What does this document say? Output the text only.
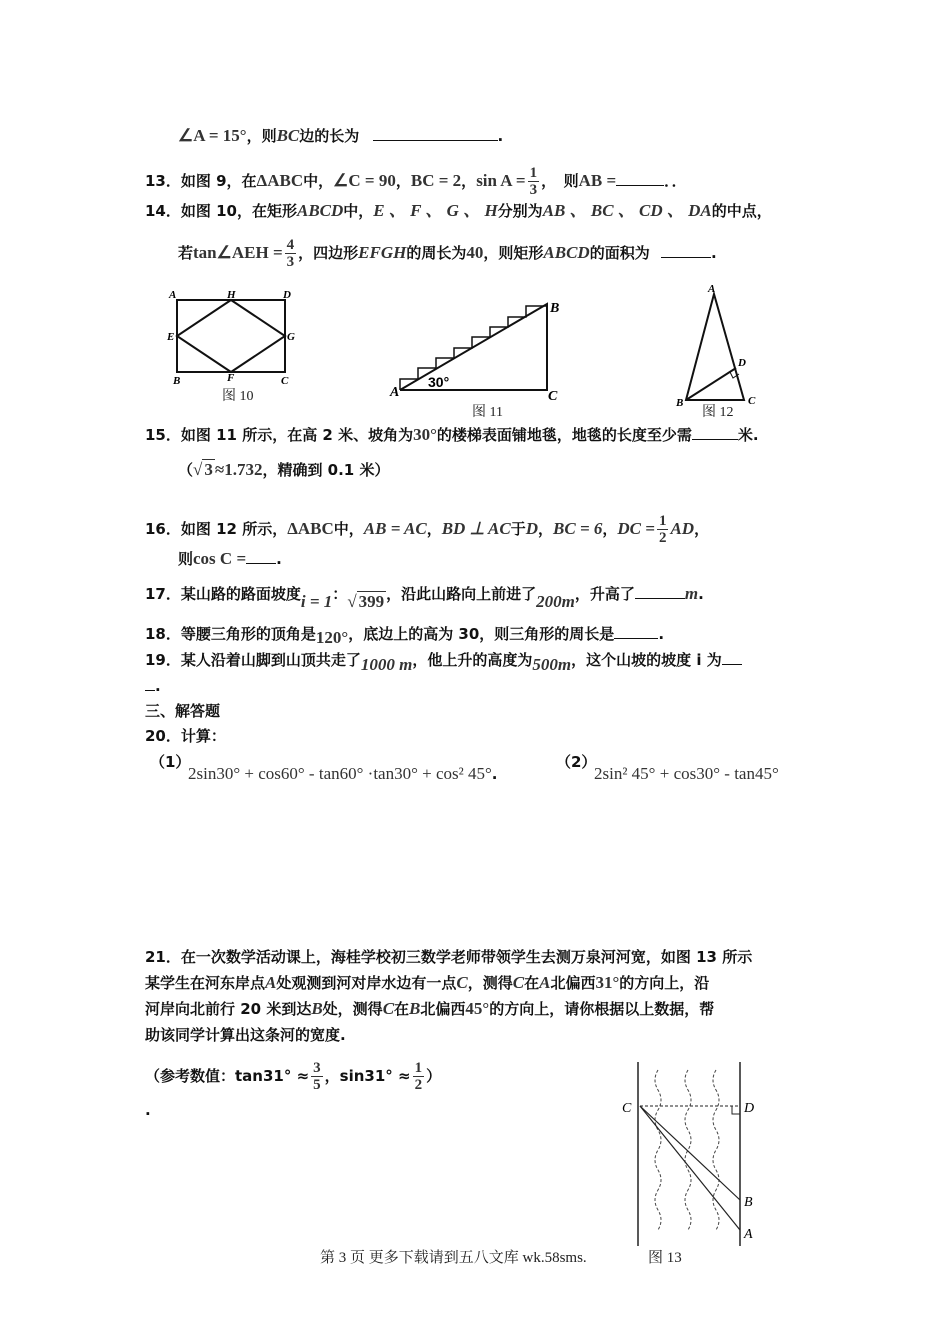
∠A = 15°，则BC边的长为	.
13．如图 9，在ΔABC中，∠C = 90，BC = 2，$\sin A = \frac{1}{3}$ ，　则AB =	．．
14．如图 10，在矩形ABCD中，E 、 F 、 G 、 H分别为AB 、 BC 、 CD 、 DA的中点，
若tan∠AEH = $\frac{4}{3}$ ，四边形EFGH的周长为40，则矩形ABCD的面积为	.
A	H	D
E	G
B	F	C
图 10	A
B
C
30°
图 11
A
B	C
D
图 12
15．如图 11 所示，在高 2 米、坡角为30°的楼梯表面铺地毯，地毯的长度至少需	米.
（√ 3 ≈1.732，精确到 0.1 米）
16．如图 12 所示，ΔABC中，AB = AC，BD ⊥ AC于D，BC = 6，DC = $\frac{1}{2}$ AD，
则cos C = .
17．某山路的路面坡度i = 1：√ 399 ，沿此山路向上前进了200m，升高了	m.
18．等腰三角形的顶角是120°，底边上的高为 30，则三角形的周长是	.
19．某人沿着山脚到山顶共走了1000 m，他上升的高度为500m，这个山坡的坡度 i 为
.
三、解答题
20．计算：
（1）
2sin30° + cos60° - tan60° ·tan30° + cos² 45°.
（2）
2sin² 45° + cos30° - tan45°
21．在一次数学活动课上，海桂学校初三数学老师带领学生去测万泉河河宽，如图 13 所示
某学生在河东岸点A处观测到河对岸水边有一点C，测得C在A北偏西31°的方向上，沿
河岸向北前行 20 米到达B处，测得C在B北偏西45°的方向上，请你根据以上数据，帮
助该同学计算出这条河的宽度.
（参考数值：$\tan 31^\circ \approx \frac{3}{5}$ ，$\sin 31^\circ \approx \frac{1}{2}$ ）
.	C	D
B
A
第 3 页 更多下载请到五八文库 wk.58sms.	图 13
